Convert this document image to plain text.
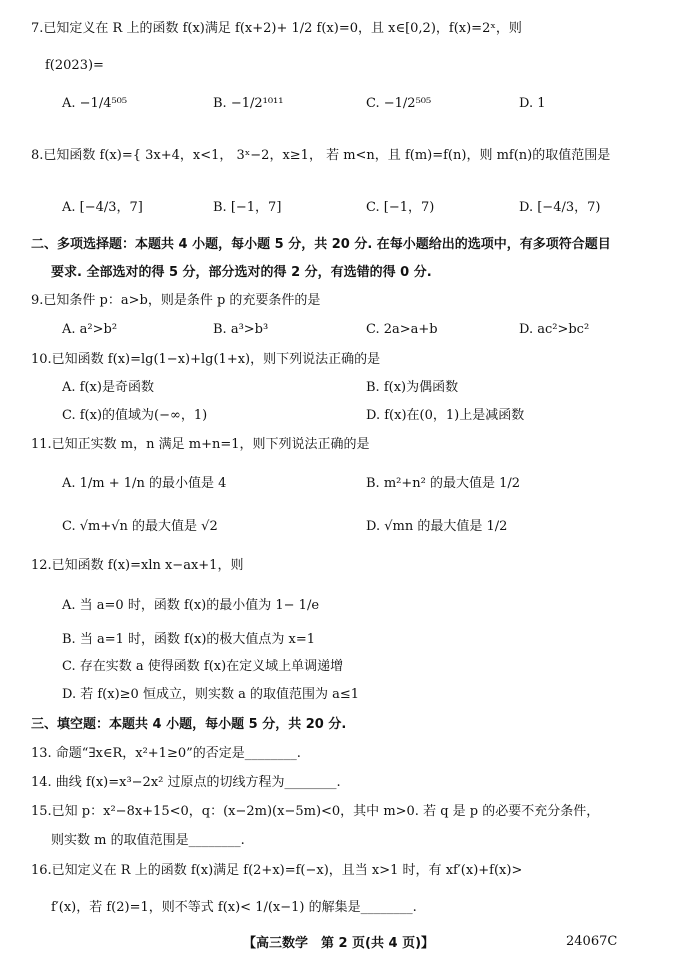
7.已知定义在 R 上的函数 f(x)满足 f(x+2)+ 1/2 f(x)=0，且 x∈[0,2)，f(x)=2ˣ，则
f(2023)=
A. −1/4⁵⁰⁵	B. −1/2¹⁰¹¹	C. −1/2⁵⁰⁵	D. 1
8.已知函数 f(x)={ 3x+4，x<1， 3ˣ−2，x≥1， 若 m<n，且 f(m)=f(n)，则 mf(n)的取值范围是
A. [−4/3，7]	B. [−1，7]	C. [−1，7)	D. [−4/3，7)
二、多项选择题：本题共 4 小题，每小题 5 分，共 20 分. 在每小题给出的选项中，有多项符合题目
要求. 全部选对的得 5 分，部分选对的得 2 分，有选错的得 0 分.
9.已知条件 p：a>b，则是条件 p 的充要条件的是
A. a²>b²	B. a³>b³	C. 2a>a+b	D. ac²>bc²
10.已知函数 f(x)=lg(1−x)+lg(1+x)，则下列说法正确的是
A. f(x)是奇函数	B. f(x)为偶函数
C. f(x)的值域为(−∞，1)	D. f(x)在(0，1)上是减函数
11.已知正实数 m，n 满足 m+n=1，则下列说法正确的是
A. 1/m + 1/n 的最小值是 4	B. m²+n² 的最大值是 1/2
C. √m+√n 的最大值是 √2	D. √mn 的最大值是 1/2
12.已知函数 f(x)=xln x−ax+1，则
A. 当 a=0 时，函数 f(x)的最小值为 1− 1/e
B. 当 a=1 时，函数 f(x)的极大值点为 x=1
C. 存在实数 a 使得函数 f(x)在定义域上单调递增
D. 若 f(x)≥0 恒成立，则实数 a 的取值范围为 a≤1
三、填空题：本题共 4 小题，每小题 5 分，共 20 分.
13. 命题“∃x∈R，x²+1≥0”的否定是________.
14. 曲线 f(x)=x³−2x² 过原点的切线方程为________.
15.已知 p：x²−8x+15<0，q：(x−2m)(x−5m)<0，其中 m>0. 若 q 是 p 的必要不充分条件，
则实数 m 的取值范围是________.
16.已知定义在 R 上的函数 f(x)满足 f(2+x)=f(−x)，且当 x>1 时，有 xf′(x)+f(x)>
f′(x)，若 f(2)=1，则不等式 f(x)< 1/(x−1) 的解集是________.
【高三数学　第 2 页(共 4 页)】	24067C
